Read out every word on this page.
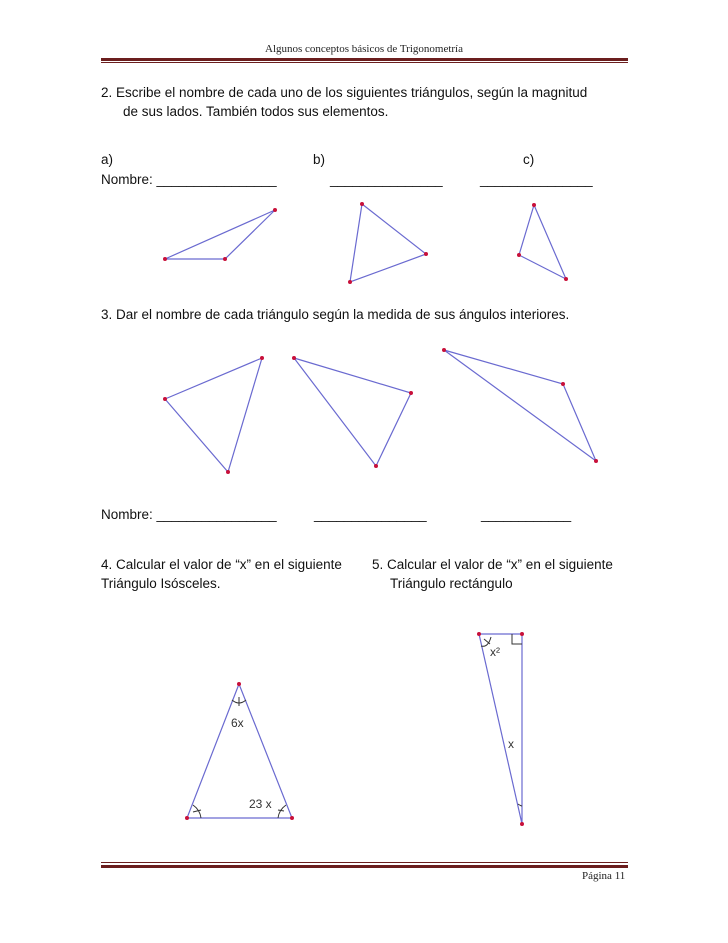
Algunos conceptos básicos de Trigonometría
2. Escribe el nombre de cada uno de los siguientes triángulos, según la magnitud
de sus lados. También todos sus elementos.
a)	b)	c)
Nombre: ________________	_______________	_______________
3. Dar el nombre de cada triángulo según la medida de sus ángulos interiores.
Nombre: ________________	_______________	____________
4. Calcular el valor de “x” en el siguiente
Triángulo Isósceles.
5. Calcular el valor de “x” en el siguiente
Triángulo rectángulo
6x
23 x
x²
x
Página 11
